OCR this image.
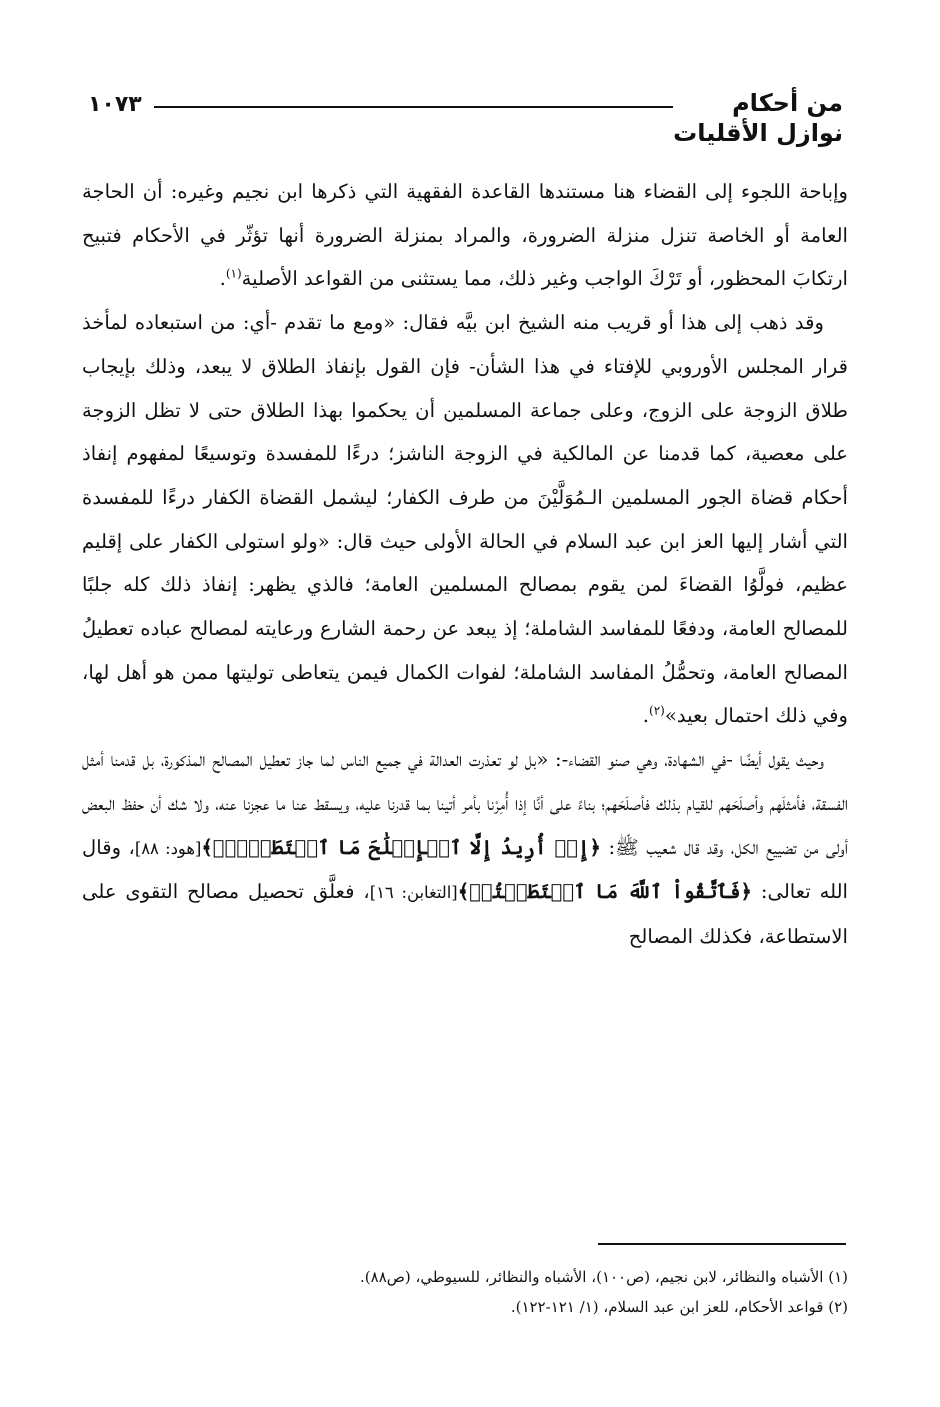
من أحكام
نوازل الأقليات
١٠٧٣

وإباحة اللجوء إلى القضاء هنا مستندها القاعدة الفقهية التي ذكرها ابن نجيم وغيره: أن الحاجة العامة أو الخاصة تنزل منزلة الضرورة، والمراد بمنزلة الضرورة أنها تؤثّر في الأحكام فتبيح ارتكابَ المحظور، أو تَرْكَ الواجب وغير ذلك، مما يستثنى من القواعد الأصلية$^{(١)}$.

وقد ذهب إلى هذا أو قريب منه الشيخ ابن بيَّه فقال: «ومع ما تقدم -أي: من استبعاده لمأخذ قرار المجلس الأوروبي للإفتاء في هذا الشأن- فإن القول بإنفاذ الطلاق لا يبعد، وذلك بإيجاب طلاق الزوجة على الزوج، وعلى جماعة المسلمين أن يحكموا بهذا الطلاق حتى لا تظل الزوجة على معصية، كما قدمنا عن المالكية في الزوجة الناشز؛ درءًا للمفسدة وتوسيعًا لمفهوم إنفاذ أحكام قضاة الجور المسلمين الـمُوَلَّيْنَ من طرف الكفار؛ ليشمل القضاة الكفار درءًا للمفسدة التي أشار إليها العز ابن عبد السلام في الحالة الأولى حيث قال: «ولو استولى الكفار على إقليم عظيم، فولَّوُا القضاءَ لمن يقوم بمصالح المسلمين العامة؛ فالذي يظهر: إنفاذ ذلك كله جلبًا للمصالح العامة، ودفعًا للمفاسد الشاملة؛ إذ يبعد عن رحمة الشارع ورعايته لمصالح عباده تعطيلُ المصالح العامة، وتحمُّلُ المفاسد الشاملة؛ لفوات الكمال فيمن يتعاطى توليتها ممن هو أهل لها، وفي ذلك احتمال بعيد»$^{(٢)}$.

وحيث يقول أيضًا -في الشهادة، وهي صنو القضاء-: «بل لو تعذرت العدالة في جميع الناس لما جاز تعطيل المصالح المذكورة، بل قدمنا أمثل الفسقة، فأمثلَهم وأصلَحَهم للقيام بذلك فأصلَحَهم؛ بناءً على أنَّا إذا أُمِرْنا بأمر أتينا بما قدرنا عليه، ويسقط عنا ما عجزنا عنه، ولا شك أن حفظ البعض أولى من تضييع الكل، وقد قال شعيب ﷺ: ﴿إِنۡ أُرِيدُ إِلَّا ٱلۡإِصۡلَٰحَ مَا ٱسۡتَطَعۡتُۚ﴾[هود: ٨٨]، وقال الله تعالى: ﴿فَٱتَّقُواْ ٱللَّهَ مَا ٱسۡتَطَعۡتُمۡ﴾[التغابن: ١٦]، فعلَّق تحصيل مصالح التقوى على الاستطاعة، فكذلك المصالح

(١) الأشباه والنظائر، لابن نجيم، (ص١٠٠)، الأشباه والنظائر، للسيوطي، (ص٨٨).

(٢) قواعد الأحكام، للعز ابن عبد السلام، (١/ ١٢١-١٢٢).
